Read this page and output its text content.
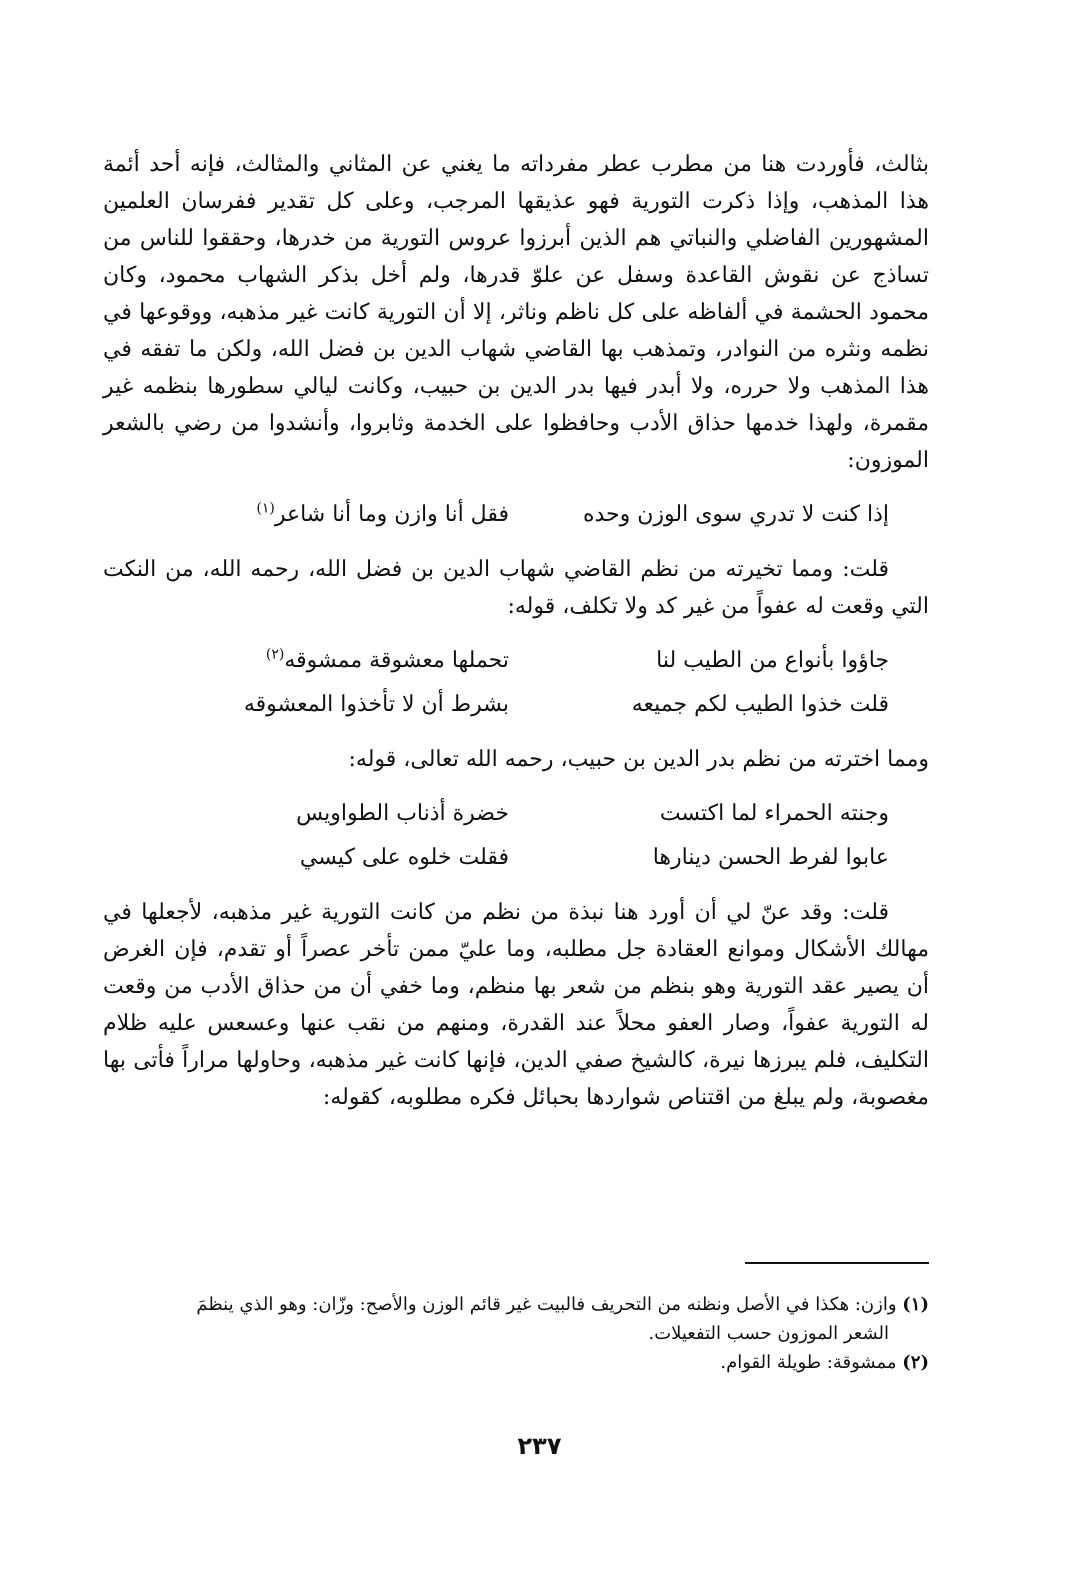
بثالث، فأوردت هنا من مطرب عطر مفرداته ما يغني عن المثاني والمثالث، فإنه أحد أئمة هذا المذهب، وإذا ذكرت التورية فهو عذيقها المرجب، وعلى كل تقدير ففرسان العلمين المشهورين الفاضلي والنباتي هم الذين أبرزوا عروس التورية من خدرها، وحققوا للناس من تساذج عن نقوش القاعدة وسفل عن علوّ قدرها، ولم أخل بذكر الشهاب محمود، وكان محمود الحشمة في ألفاظه على كل ناظم وناثر، إلا أن التورية كانت غير مذهبه، ووقوعها في نظمه ونثره من النوادر، وتمذهب بها القاضي شهاب الدين بن فضل الله، ولكن ما تفقه في هذا المذهب ولا حرره، ولا أبدر فيها بدر الدين بن حبيب، وكانت ليالي سطورها بنظمه غير مقمرة، ولهذا خدمها حذاق الأدب وحافظوا على الخدمة وثابروا، وأنشدوا من رضي بالشعر الموزون:

إذا كنت لا تدري سوى الوزن وحده
فقل أنا وازن وما أنا شاعر$^{(١)}$

قلت: ومما تخيرته من نظم القاضي شهاب الدين بن فضل الله، رحمه الله، من النكت التي وقعت له عفواً من غير كد ولا تكلف، قوله:

جاؤوا بأنواع من الطيب لنا
تحملها معشوقة ممشوقه$^{(٢)}$
قلت خذوا الطيب لكم جميعه
بشرط أن لا تأخذوا المعشوقه

ومما اخترته من نظم بدر الدين بن حبيب، رحمه الله تعالى، قوله:

وجنته الحمراء لما اكتست
خضرة أذناب الطواويس
عابوا لفرط الحسن دينارها
فقلت خلوه على كيسي

قلت: وقد عنّ لي أن أورد هنا نبذة من نظم من كانت التورية غير مذهبه، لأجعلها في مهالك الأشكال وموانع العقادة جل مطلبه، وما عليّ ممن تأخر عصراً أو تقدم، فإن الغرض أن يصير عقد التورية وهو بنظم من شعر بها منظم، وما خفي أن من حذاق الأدب من وقعت له التورية عفواً، وصار العفو محلاً عند القدرة، ومنهم من نقب عنها وعسعس عليه ظلام التكليف، فلم يبرزها نيرة، كالشيخ صفي الدين، فإنها كانت غير مذهبه، وحاولها مراراً فأتى بها مغصوبة، ولم يبلغ من اقتناص شواردها بحبائل فكره مطلوبه، كقوله:

(١) وازن: هكذا في الأصل ونظنه من التحريف فالبيت غير قائم الوزن والأصح: وزّان: وهو الذي ينظمَ

الشعر الموزون حسب التفعيلات.

(٢) ممشوقة: طويلة القوام.

٢٣٧
